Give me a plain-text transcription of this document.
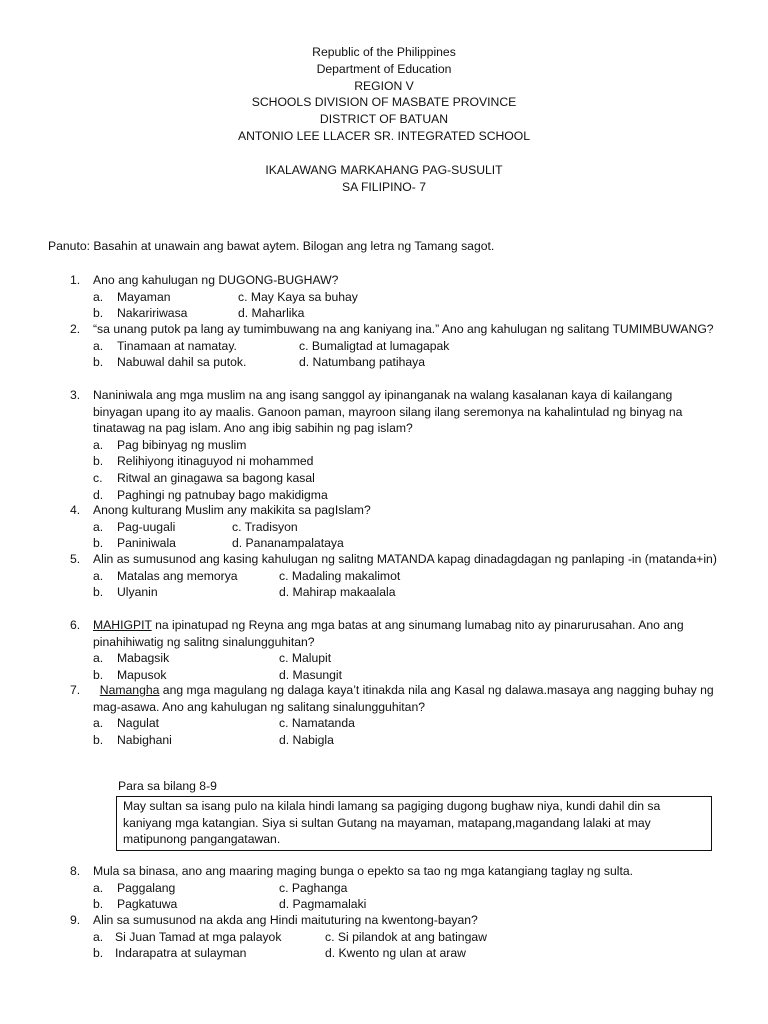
Republic of the Philippines
Department of Education
REGION V
SCHOOLS DIVISION OF MASBATE PROVINCE
DISTRICT OF BATUAN
ANTONIO LEE LLACER SR. INTEGRATED SCHOOL
IKALAWANG MARKAHANG PAG-SUSULIT
SA FILIPINO- 7
Panuto: Basahin at unawain ang bawat aytem. Bilogan ang letra ng Tamang sagot.
1. Ano ang kahulugan ng DUGONG-BUGHAW?
a. Mayaman	c. May Kaya sa buhay
b. Nakaririwasa	d. Maharlika
2. “sa unang putok pa lang ay tumimbuwang na ang kaniyang ina.” Ano ang kahulugan ng salitang TUMIMBUWANG?
a. Tinamaan at namatay.	c. Bumaligtad at lumagapak
b. Nabuwal dahil sa putok.	d. Natumbang patihaya
3. Naniniwala ang mga muslim na ang isang sanggol ay ipinanganak na walang kasalanan kaya di kailangang binyagan upang ito ay maalis. Ganoon paman, mayroon silang ilang seremonya na kahalintulad ng binyag na tinatawag na pag islam. Ano ang ibig sabihin ng pag islam?
a. Pag bibinyag ng muslim
b. Relihiyong itinaguyod ni mohammed
c. Ritwal an ginagawa sa bagong kasal
d. Paghingi ng patnubay bago makidigma
4. Anong kulturang Muslim any makikita sa pagIslam?
a. Pag-uugali	c. Tradisyon
b. Paniniwala	d. Pananampalataya
5. Alin as sumusunod ang kasing kahulugan ng salitng MATANDA kapag dinadagdagan ng panlaping -in (matanda+in)
a. Matalas ang memorya	c. Madaling makalimot
b. Ulyanin	d. Mahirap makaalala
6. MAHIGPIT na ipinatupad ng Reyna ang mga batas at ang sinumang lumabag nito ay pinarurusahan. Ano ang pinahihiwatig ng salitng sinalungguhitan?
a. Mabagsik	c. Malupit
b. Mapusok	d. Masungit
7.	Namangha ang mga magulang ng dalaga kaya’t itinakda nila ang Kasal ng dalawa.masaya ang nagging buhay ng mag-asawa. Ano ang kahulugan ng salitang sinalungguhitan?
a. Nagulat	c. Namatanda
b. Nabighani	d. Nabigla
Para sa bilang 8-9
May sultan sa isang pulo na kilala hindi lamang sa pagiging dugong bughaw niya, kundi dahil din sa kaniyang mga katangian. Siya si sultan Gutang na mayaman, matapang,magandang lalaki at may matipunong pangangatawan.
8. Mula sa binasa, ano ang maaring maging bunga o epekto sa tao ng mga katangiang taglay ng sulta.
a. Paggalang	c. Paghanga
b. Pagkatuwa	d. Pagmamalaki
9. Alin sa sumusunod na akda ang Hindi maituturing na kwentong-bayan?
a. Si Juan Tamad at mga palayok	c. Si pilandok at ang batingaw
b. Indarapatra at sulayman	d. Kwento ng ulan at araw
